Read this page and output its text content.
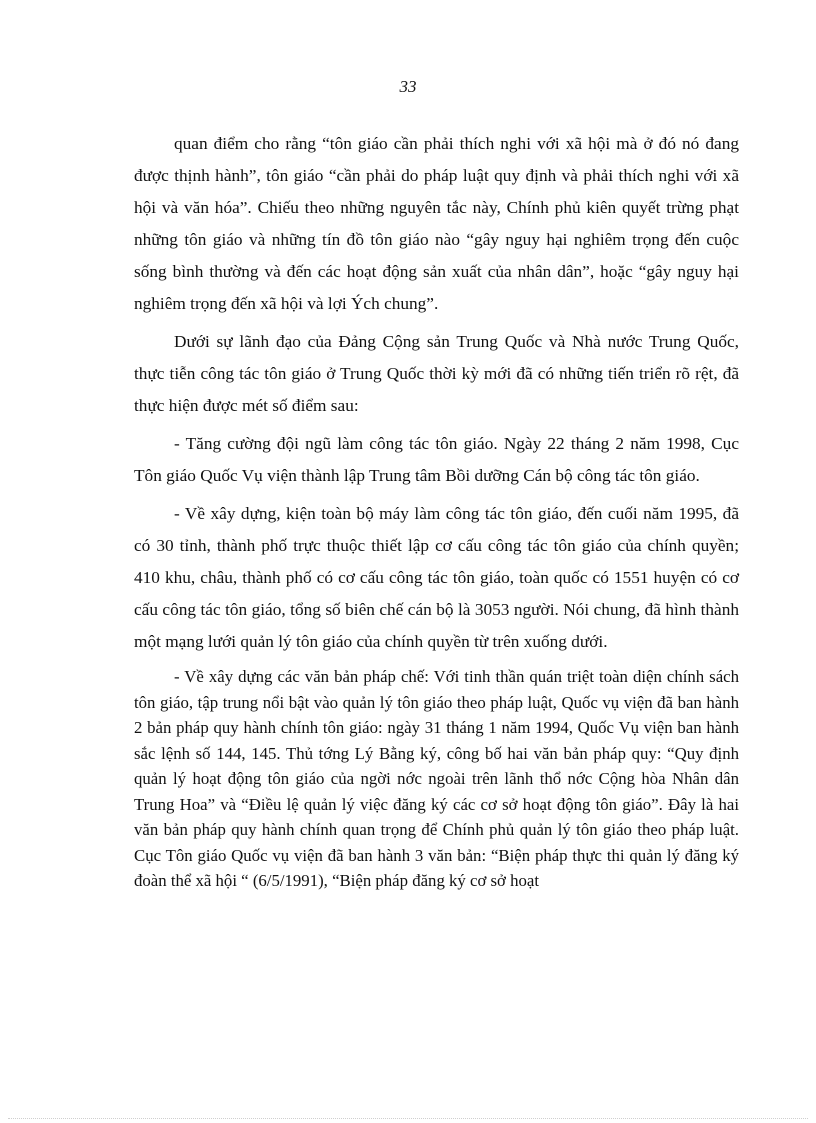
33

quan điểm cho rằng “tôn giáo cần phải thích nghi với xã hội mà ở đó nó đang được thịnh hành”, tôn giáo “cần phải do pháp luật quy định và phải thích nghi với xã hội và văn hóa”. Chiếu theo những nguyên tắc này, Chính phủ kiên quyết trừng phạt những tôn giáo và những tín đồ tôn giáo nào “gây nguy hại nghiêm trọng đến cuộc sống bình thường và đến các hoạt động sản xuất của nhân dân”, hoặc “gây nguy hại nghiêm trọng đến xã hội và lợi Ých chung”.

Dưới sự lãnh đạo của Đảng Cộng sản Trung Quốc và Nhà nước Trung Quốc, thực tiễn công tác tôn giáo ở Trung Quốc thời kỳ mới đã có những tiến triển rõ rệt, đã thực hiện được mét số điểm sau:

- Tăng cường đội ngũ làm công tác tôn giáo. Ngày 22 tháng 2 năm 1998, Cục Tôn giáo Quốc Vụ viện thành lập Trung tâm Bồi dưỡng Cán bộ công tác tôn giáo.

- Về xây dựng, kiện toàn bộ máy làm công tác tôn giáo, đến cuối năm 1995, đã có 30 tỉnh, thành phố trực thuộc thiết lập cơ cấu công tác tôn giáo của chính quyền; 410 khu, châu, thành phố có cơ cấu công tác tôn giáo, toàn quốc có 1551 huyện có cơ cấu công tác tôn giáo, tổng số biên chế cán bộ là 3053 người. Nói chung, đã hình thành một mạng lưới quản lý tôn giáo của chính quyền từ trên xuống dưới.

- Về xây dựng các văn bản pháp chế: Với tinh thần quán triệt toàn diện chính sách tôn giáo, tập trung nổi bật vào quản lý tôn giáo theo pháp luật, Quốc vụ viện đã ban hành 2 bản pháp quy hành chính tôn giáo: ngày 31 tháng 1 năm 1994, Quốc Vụ viện ban hành sắc lệnh số 144, 145. Thủ tớng Lý Bằng ký, công bố hai văn bản pháp quy: “Quy định quản lý hoạt động tôn giáo của ngời nớc ngoài trên lãnh thổ nớc Cộng hòa Nhân dân Trung Hoa” và “Điều lệ quản lý việc đăng ký các cơ sở hoạt động tôn giáo”. Đây là hai văn bản pháp quy hành chính quan trọng để Chính phủ quản lý tôn giáo theo pháp luật. Cục Tôn giáo Quốc vụ viện đã ban hành 3 văn bản: “Biện pháp thực thi quản lý đăng ký đoàn thể xã hội “ (6/5/1991), “Biện pháp đăng ký cơ sở hoạt
